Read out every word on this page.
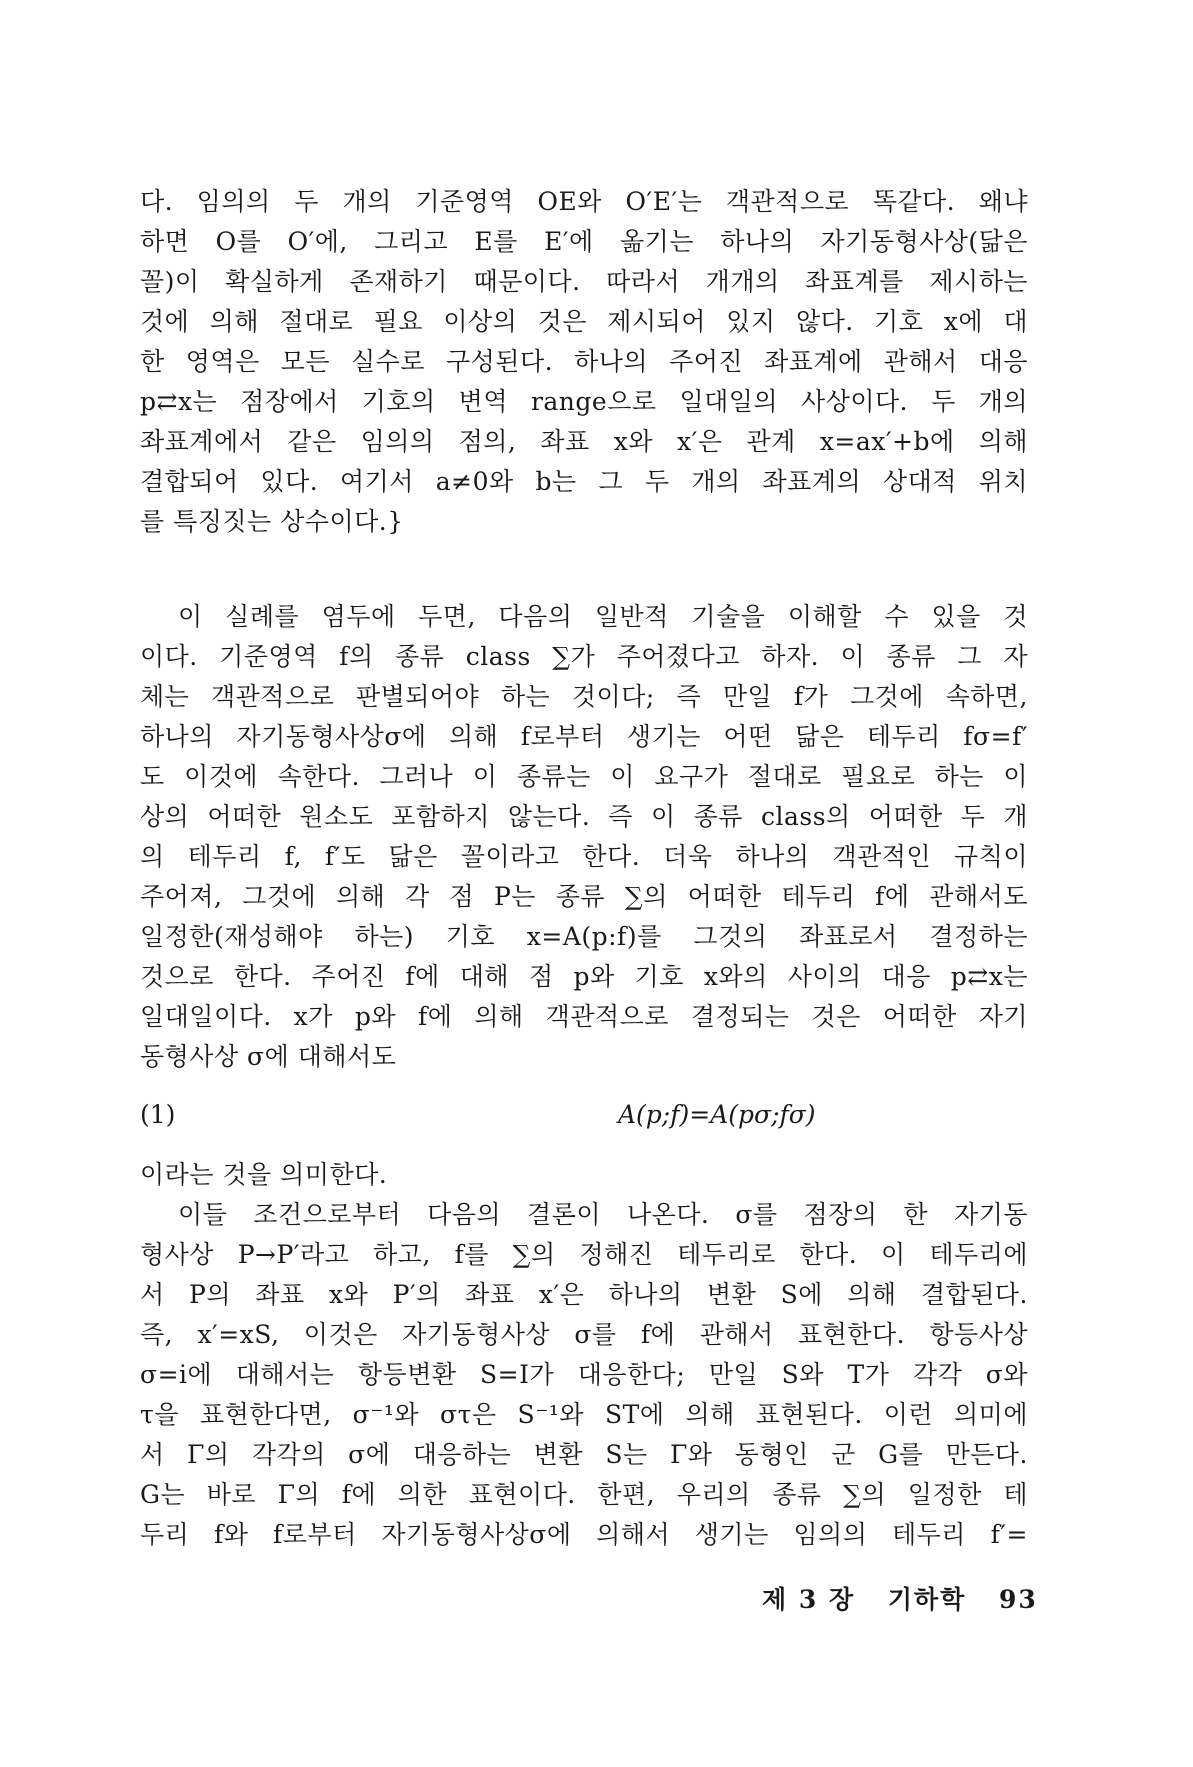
다. 임의의 두 개의 기준영역 OE와 O′E′는 객관적으로 똑같다. 왜냐
하면 O를 O′에, 그리고 E를 E′에 옮기는 하나의 자기동형사상(닮은
꼴)이 확실하게 존재하기 때문이다. 따라서 개개의 좌표계를 제시하는
것에 의해 절대로 필요 이상의 것은 제시되어 있지 않다. 기호 x에 대
한 영역은 모든 실수로 구성된다. 하나의 주어진 좌표계에 관해서 대응
p⇄x는 점장에서 기호의 변역 range으로 일대일의 사상이다. 두 개의
좌표계에서 같은 임의의 점의, 좌표 x와 x′은 관계 x=ax′+b에 의해
결합되어 있다. 여기서 a≠0와 b는 그 두 개의 좌표계의 상대적 위치
를 특징짓는 상수이다.}
이 실례를 염두에 두면, 다음의 일반적 기술을 이해할 수 있을 것
이다. 기준영역 f의 종류 class ∑가 주어졌다고 하자. 이 종류 그 자
체는 객관적으로 판별되어야 하는 것이다; 즉 만일 f가 그것에 속하면,
하나의 자기동형사상σ에 의해 f로부터 생기는 어떤 닮은 테두리 fσ=f′
도 이것에 속한다. 그러나 이 종류는 이 요구가 절대로 필요로 하는 이
상의 어떠한 원소도 포함하지 않는다. 즉 이 종류 class의 어떠한 두 개
의 테두리 f, f′도 닮은 꼴이라고 한다. 더욱 하나의 객관적인 규칙이
주어져, 그것에 의해 각 점 P는 종류 ∑의 어떠한 테두리 f에 관해서도
일정한(재성해야 하는) 기호 x=A(p:f)를 그것의 좌표로서 결정하는
것으로 한다. 주어진 f에 대해 점 p와 기호 x와의 사이의 대응 p⇄x는
일대일이다. x가 p와 f에 의해 객관적으로 결정되는 것은 어떠한 자기
동형사상 σ에 대해서도
(1)	A(p;f)=A(pσ;fσ)
이라는 것을 의미한다.
이들 조건으로부터 다음의 결론이 나온다. σ를 점장의 한 자기동
형사상 P→P′라고 하고, f를 ∑의 정해진 테두리로 한다. 이 테두리에
서 P의 좌표 x와 P′의 좌표 x′은 하나의 변환 S에 의해 결합된다.
즉, x′=xS, 이것은 자기동형사상 σ를 f에 관해서 표현한다. 항등사상
σ=i에 대해서는 항등변환 S=I가 대응한다; 만일 S와 T가 각각 σ와
τ을 표현한다면, σ⁻¹와 στ은 S⁻¹와 ST에 의해 표현된다. 이런 의미에
서 Γ의 각각의 σ에 대응하는 변환 S는 Γ와 동형인 군 G를 만든다.
G는 바로 Γ의 f에 의한 표현이다. 한편, 우리의 종류 ∑의 일정한 테
두리 f와 f로부터 자기동형사상σ에 의해서 생기는 임의의 테두리 f′=
제 3 장 기하학 93
